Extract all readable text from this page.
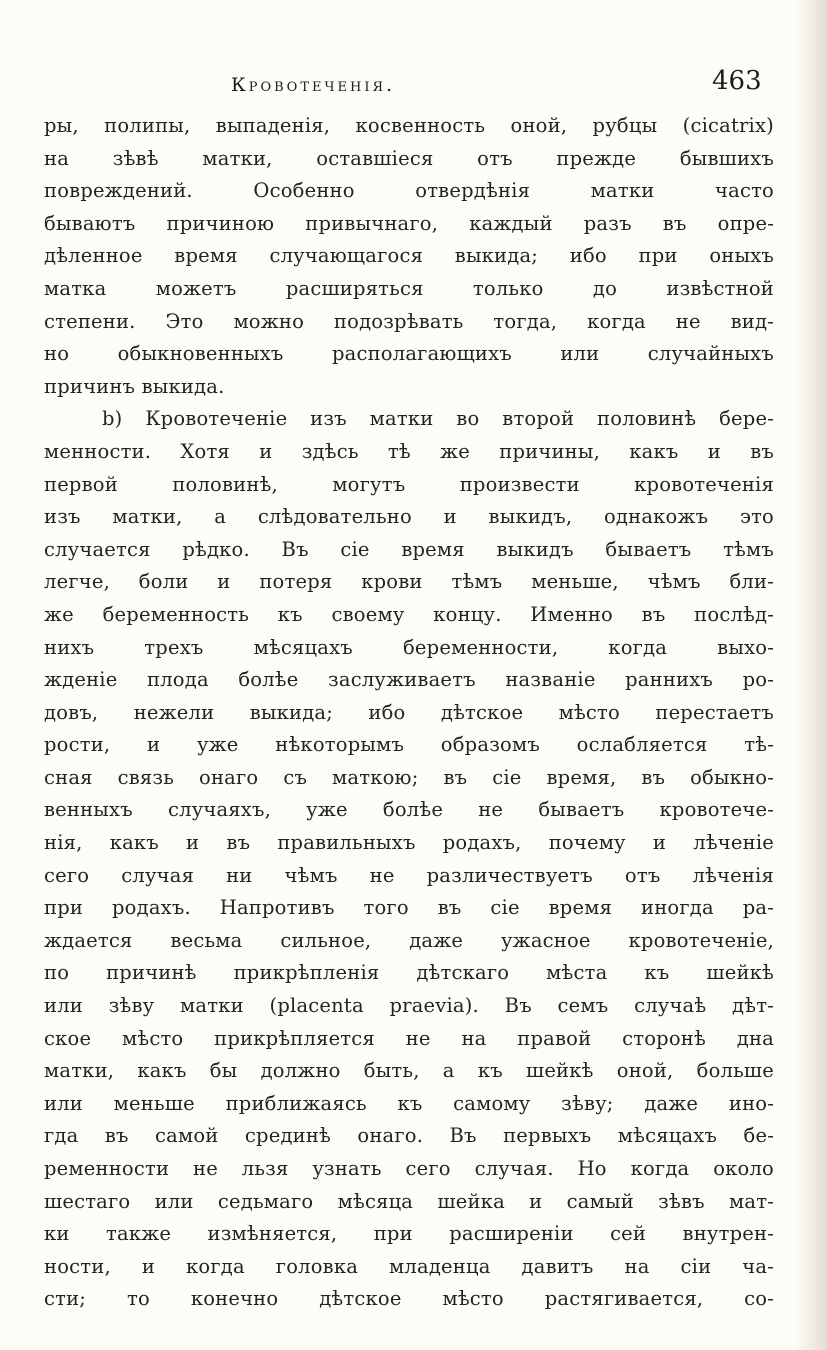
Кровотеченія.	463
ры, полипы, выпаденія, косвенность оной, рубцы (cicatrix)
на зѣвѣ матки, оставшіеся отъ прежде бывшихъ
повреждений. Особенно отвердѣнія матки часто
бываютъ причиною привычнаго, каждый разъ въ опре-
дѣленное время случающагося выкида; ибо при оныхъ
матка можетъ расширяться только до извѣстной
степени. Это можно подозрѣвать тогда, когда не вид-
но обыкновенныхъ располагающихъ или случайныхъ
причинъ выкида.
b) Кровотеченіе изъ матки во второй половинѣ бере-
менности. Хотя и здѣсь тѣ же причины, какъ и въ
первой половинѣ, могутъ произвести кровотеченія
изъ матки, а слѣдовательно и выкидъ, однакожъ это
случается рѣдко. Въ сіе время выкидъ бываетъ тѣмъ
легче, боли и потеря крови тѣмъ меньше, чѣмъ бли-
же беременность къ своему концу. Именно въ послѣд-
нихъ трехъ мѣсяцахъ беременности, когда выхо-
жденіе плода болѣе заслуживаетъ названіе раннихъ ро-
довъ, нежели выкида; ибо дѣтское мѣсто перестаетъ
рости, и уже нѣкоторымъ образомъ ослабляется тѣ-
сная связь онаго съ маткою; въ сіе время, въ обыкно-
венныхъ случаяхъ, уже болѣе не бываетъ кровотече-
нія, какъ и въ правильныхъ родахъ, почему и лѣченіе
сего случая ни чѣмъ не различествуетъ отъ лѣченія
при родахъ. Напротивъ того въ сіе время иногда ра-
ждается весьма сильное, даже ужасное кровотеченіе,
по причинѣ прикрѣпленія дѣтскаго мѣста къ шейкѣ
или зѣву матки (placenta praevia). Въ семъ случаѣ дѣт-
ское мѣсто прикрѣпляется не на правой сторонѣ дна
матки, какъ бы должно быть, а къ шейкѣ оной, больше
или меньше приближаясь къ самому зѣву; даже ино-
гда въ самой срединѣ онаго. Въ первыхъ мѣсяцахъ бе-
ременности не льзя узнать сего случая. Но когда около
шестаго или седьмаго мѣсяца шейка и самый зѣвъ мат-
ки также измѣняется, при расширеніи сей внутрен-
ности, и когда головка младенца давитъ на сіи ча-
сти; то конечно дѣтское мѣсто растягивается, со-
